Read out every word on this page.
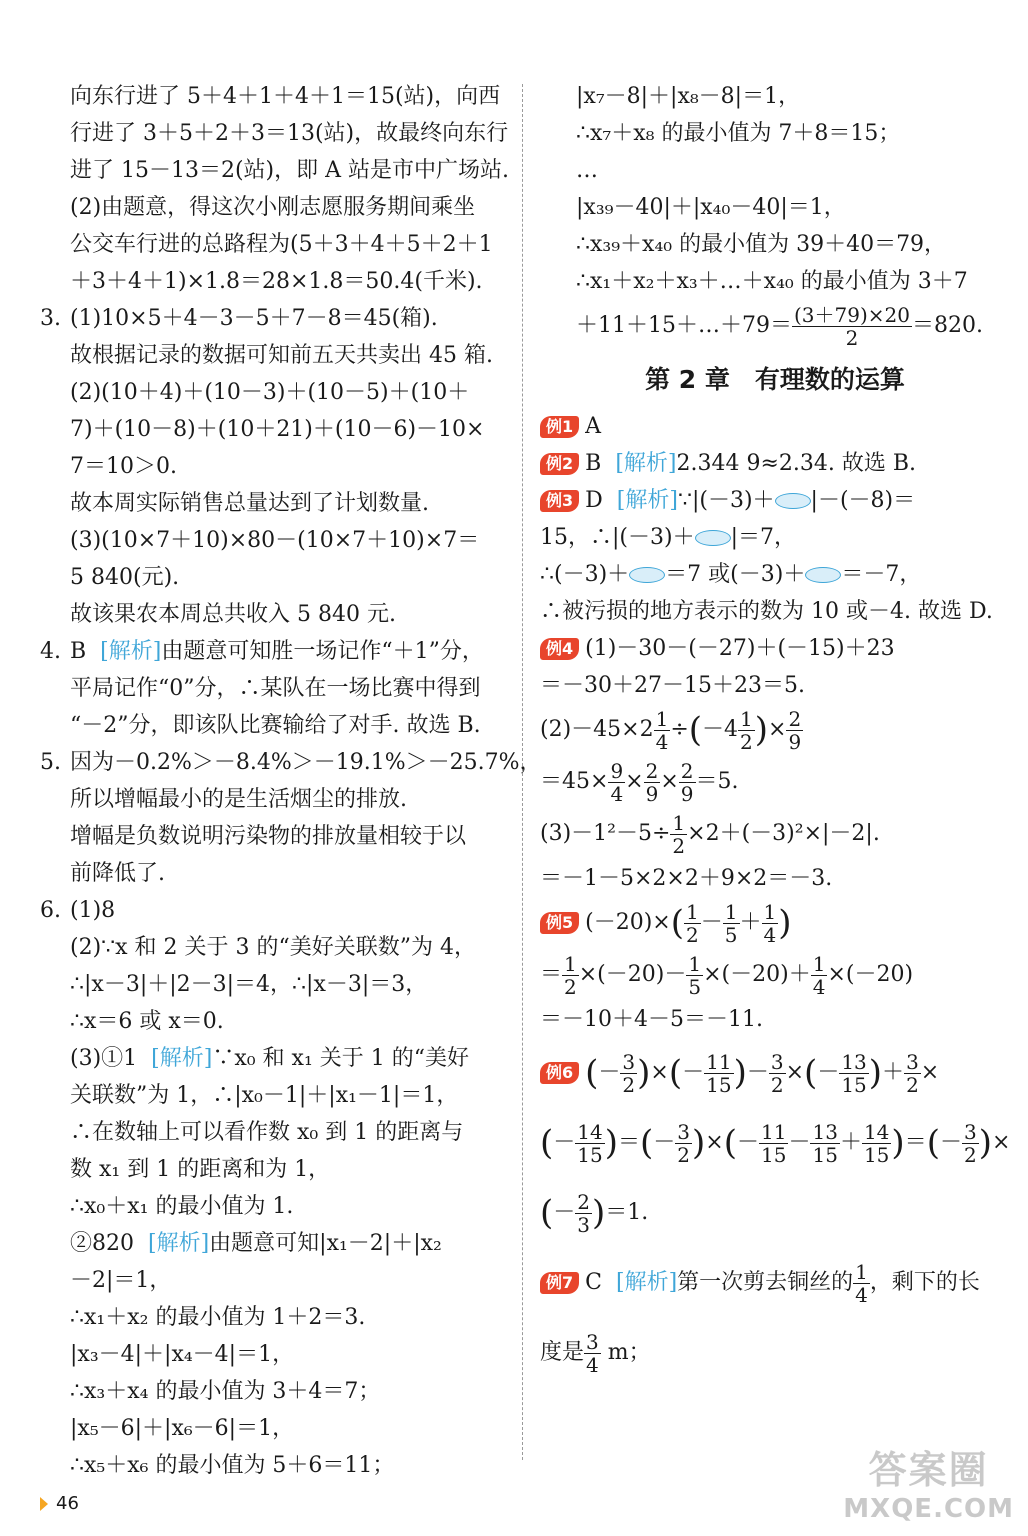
向东行进了 5＋4＋1＋4＋1＝15(站)，向西
行进了 3＋5＋2＋3＝13(站)，故最终向东行
进了 15－13＝2(站)，即 A 站是市中广场站.
(2)由题意，得这次小刚志愿服务期间乘坐
公交车行进的总路程为(5＋3＋4＋5＋2＋1
＋3＋4＋1)×1.8＝28×1.8＝50.4(千米).
3. (1)10×5＋4－3－5＋7－8＝45(箱).
故根据记录的数据可知前五天共卖出 45 箱.
(2)(10＋4)＋(10－3)＋(10－5)＋(10＋
7)＋(10－8)＋(10＋21)＋(10－6)－10×
7＝10＞0.
故本周实际销售总量达到了计划数量.
(3)(10×7＋10)×80－(10×7＋10)×7＝
5 840(元).
故该果农本周总共收入 5 840 元.
4. B [解析]由题意可知胜一场记作“＋1”分，
平局记作“0”分，∴某队在一场比赛中得到
“－2”分，即该队比赛输给了对手. 故选 B.
5. 因为－0.2%＞－8.4%＞－19.1%＞－25.7%，
所以增幅最小的是生活烟尘的排放.
增幅是负数说明污染物的排放量相较于以
前降低了.
6. (1)8
(2)∵x 和 2 关于 3 的“美好关联数”为 4，
∴|x－3|＋|2－3|＝4，∴|x－3|＝3，
∴x＝6 或 x＝0.
(3)①1 [解析]∵x₀ 和 x₁ 关于 1 的“美好
关联数”为 1，∴|x₀－1|＋|x₁－1|＝1，
∴在数轴上可以看作数 x₀ 到 1 的距离与
数 x₁ 到 1 的距离和为 1，
∴x₀＋x₁ 的最小值为 1.
②820 [解析]由题意可知|x₁－2|＋|x₂
－2|＝1，
∴x₁＋x₂ 的最小值为 1＋2＝3.
|x₃－4|＋|x₄－4|＝1，
∴x₃＋x₄ 的最小值为 3＋4＝7；
|x₅－6|＋|x₆－6|＝1，
∴x₅＋x₆ 的最小值为 5＋6＝11；
|x₇－8|＋|x₈－8|＝1，
∴x₇＋x₈ 的最小值为 7＋8＝15；
…
|x₃₉－40|＋|x₄₀－40|＝1，
∴x₃₉＋x₄₀ 的最小值为 39＋40＝79，
∴x₁＋x₂＋x₃＋…＋x₄₀ 的最小值为 3＋7
＋11＋15＋…＋79＝ $\frac{(3+79)\times 20}{2} =820$.
第 2 章　有理数的运算
例1 A
例2 B [解析]2.344 9≈2.34. 故选 B.
例3 D [解析]∵|(－3)＋ |－(－8)＝
15，∴|(－3)＋ |＝7，
∴(－3)＋ ＝7 或(－3)＋ ＝－7，
∴被污损的地方表示的数为 10 或－4. 故选 D.
例4 (1)－30－(－27)＋(－15)＋23
＝－30＋27－15＋23＝5.
$(2)-45\times 2 \frac{1}{4} \div(-4 \frac{1}{2}$ )× $\frac{2}{9}$
$=45\times \frac{9}{4} \times \frac{2}{9} \times \frac{2}{9} =5$.
$(3)-1^2-5\div \frac{1}{2} \times 2+(-3)^2\times|-2|$.
＝－1－5×2×2＋9×2＝－3.
例5 $(-20)\times( \frac{1}{2} - \frac{1}{5} + \frac{1}{4}$ )
＝ $\frac{1}{2} \times(-20)- \frac{1}{5} \times(-20)+ \frac{1}{4} \times(-20)$
＝－10＋4－5＝－11.
例6 (－ $\frac{3}{2}$ )×(－ $\frac{11}{15}$ )－ $\frac{3}{2}$ ×(－ $\frac{13}{15}$ )＋ $\frac{3}{2}$ ×
(－ $\frac{14}{15}$ )＝(－ $\frac{3}{2}$ )×(－ $\frac{11}{15} - \frac{13}{15} + \frac{14}{15}$ )＝(－ $\frac{3}{2}$ )×
(－ $\frac{2}{3} )=1$.
例7 C [解析]第一次剪去铜丝的 $\frac{1}{4}$ ，剩下的长
度是 $\frac{3}{4}$ m；
46
答案圈
MXQE.COM
